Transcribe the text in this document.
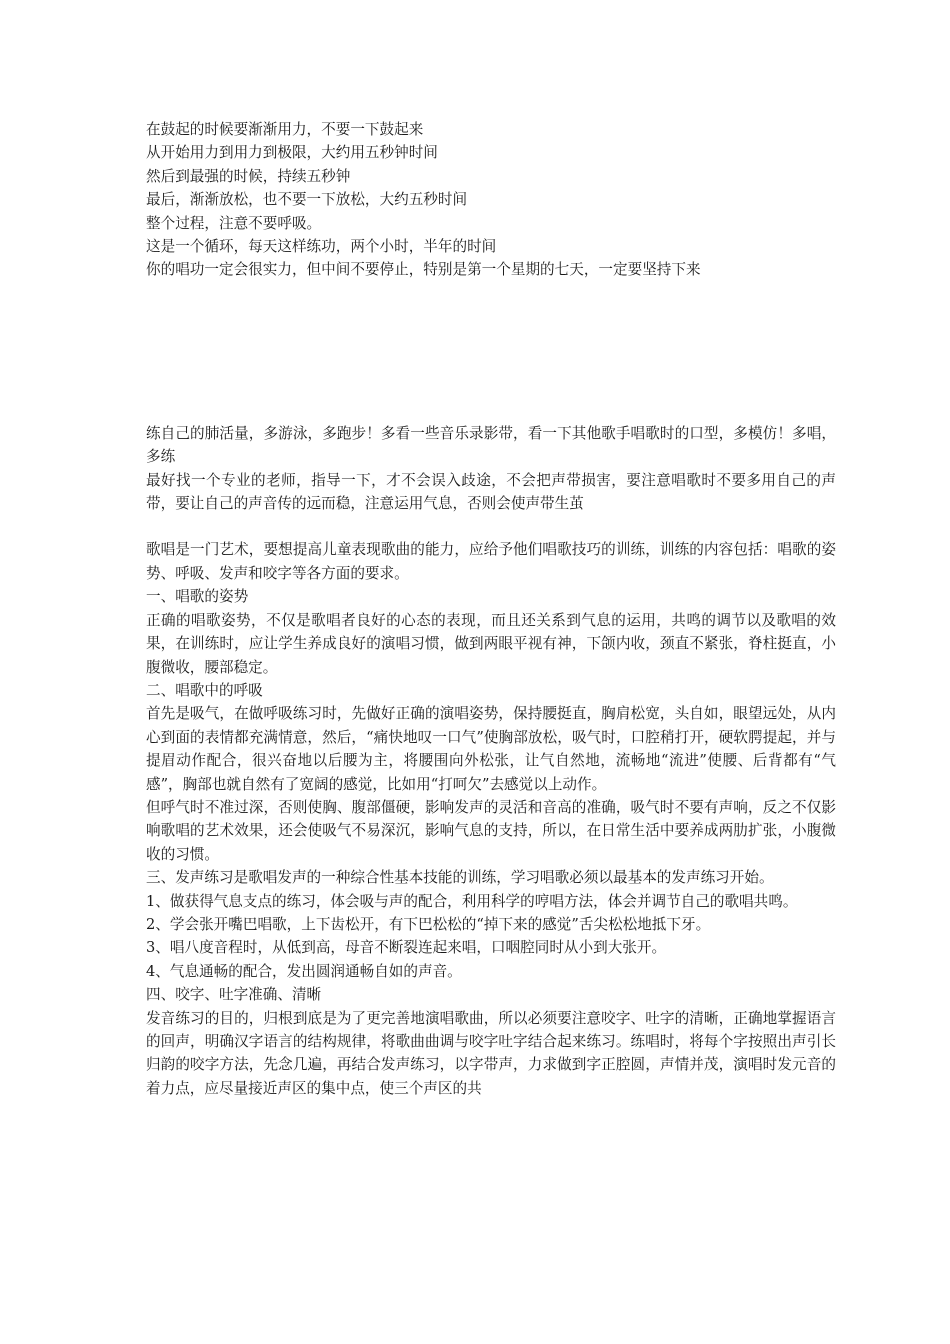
在鼓起的时候要渐渐用力，不要一下鼓起来
从开始用力到用力到极限，大约用五秒钟时间
然后到最强的时候，持续五秒钟
最后，渐渐放松，也不要一下放松，大约五秒时间
整个过程，注意不要呼吸。
这是一个循环，每天这样练功，两个小时，半年的时间
你的唱功一定会很实力，但中间不要停止，特别是第一个星期的七天，一定要坚持下来

练自己的肺活量，多游泳，多跑步！多看一些音乐录影带，看一下其他歌手唱歌时的口型，多模仿！多唱，多练

最好找一个专业的老师，指导一下，才不会误入歧途，不会把声带损害，要注意唱歌时不要多用自己的声带，要让自己的声音传的远而稳，注意运用气息，否则会使声带生茧

歌唱是一门艺术，要想提高儿童表现歌曲的能力，应给予他们唱歌技巧的训练，训练的内容包括：唱歌的姿势、呼吸、发声和咬字等各方面的要求。

一、唱歌的姿势

正确的唱歌姿势，不仅是歌唱者良好的心态的表现，而且还关系到气息的运用，共鸣的调节以及歌唱的效果，在训练时，应让学生养成良好的演唱习惯，做到两眼平视有神，下颌内收，颈直不紧张，脊柱挺直，小腹微收，腰部稳定。

二、唱歌中的呼吸

首先是吸气，在做呼吸练习时，先做好正确的演唱姿势，保持腰挺直，胸肩松宽，头自如，眼望远处，从内心到面的表情都充满情意，然后，“痛快地叹一口气”使胸部放松，吸气时，口腔稍打开，硬软腭提起，并与提眉动作配合，很兴奋地以后腰为主，将腰围向外松张，让气自然地，流畅地“流进”使腰、后背都有“气感”，胸部也就自然有了宽阔的感觉，比如用“打呵欠”去感觉以上动作。

但呼气时不准过深，否则使胸、腹部僵硬，影响发声的灵活和音高的准确，吸气时不要有声响，反之不仅影响歌唱的艺术效果，还会使吸气不易深沉，影响气息的支持，所以，在日常生活中要养成两肋扩张，小腹微收的习惯。

三、发声练习是歌唱发声的一种综合性基本技能的训练，学习唱歌必须以最基本的发声练习开始。

1、做获得气息支点的练习，体会吸与声的配合，利用科学的哼唱方法，体会并调节自己的歌唱共鸣。

2、学会张开嘴巴唱歌，上下齿松开，有下巴松松的“掉下来的感觉”舌尖松松地抵下牙。

3、唱八度音程时，从低到高，母音不断裂连起来唱，口咽腔同时从小到大张开。

4、气息通畅的配合，发出圆润通畅自如的声音。

四、咬字、吐字准确、清晰

发音练习的目的，归根到底是为了更完善地演唱歌曲，所以必须要注意咬字、吐字的清晰，正确地掌握语言的回声，明确汉字语言的结构规律，将歌曲曲调与咬字吐字结合起来练习。练唱时，将每个字按照出声引长归韵的咬字方法，先念几遍，再结合发声练习，以字带声，力求做到字正腔圆，声情并茂，演唱时发元音的着力点，应尽量接近声区的集中点，使三个声区的共
